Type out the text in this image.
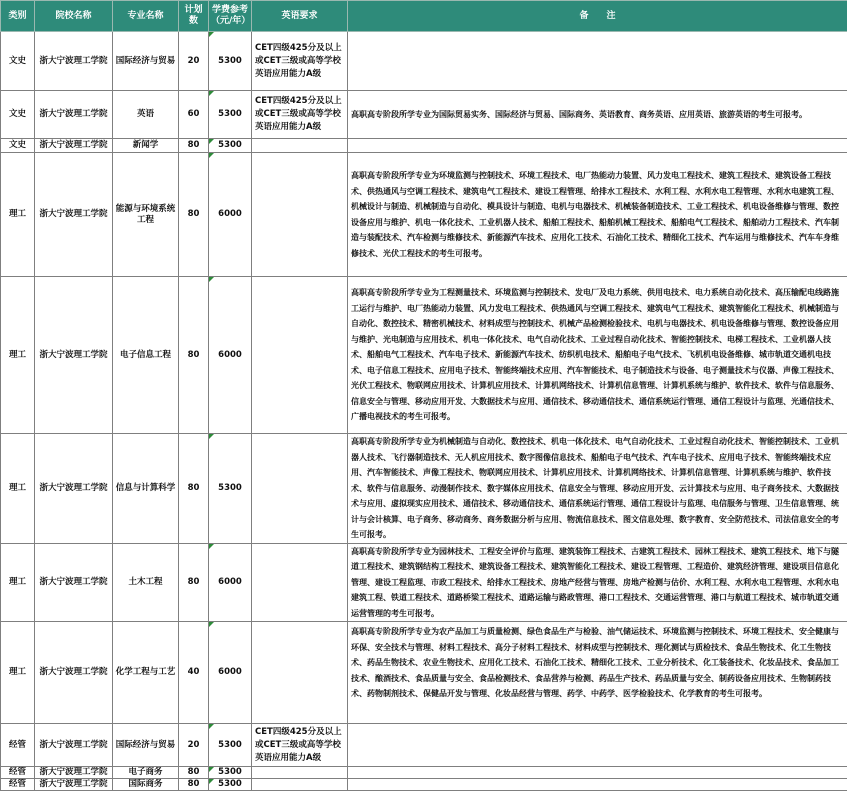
类别	院校名称	专业名称	计划数	学费参考（元/年）	英语要求	备　　注
文史	浙大宁波理工学院	国际经济与贸易	20	5300	CET四级425分及以上或CET三级或高等学校英语应用能力A级	
文史	浙大宁波理工学院	英语	60	5300	CET四级425分及以上或CET三级或高等学校英语应用能力A级	高职高专阶段所学专业为国际贸易实务、国际经济与贸易、国际商务、英语教育、商务英语、应用英语、旅游英语的考生可报考。
文史	浙大宁波理工学院	新闻学	80	5300		
理工	浙大宁波理工学院	能源与环境系统工程	80	6000		高职高专阶段所学专业为环境监测与控制技术、环境工程技术、电厂热能动力装置、风力发电工程技术、建筑工程技术、建筑设备工程技术、供热通风与空调工程技术、建筑电气工程技术、建设工程管理、给排水工程技术、水利工程、水利水电工程管理、水利水电建筑工程、机械设计与制造、机械制造与自动化、模具设计与制造、电机与电器技术、机械装备制造技术、工业工程技术、机电设备维修与管理、数控设备应用与维护、机电一体化技术、工业机器人技术、船舶工程技术、船舶机械工程技术、船舶电气工程技术、船舶动力工程技术、汽车制造与装配技术、汽车检测与维修技术、新能源汽车技术、应用化工技术、石油化工技术、精细化工技术、汽车运用与维修技术、汽车车身维修技术、光伏工程技术的考生可报考。
理工	浙大宁波理工学院	电子信息工程	80	6000		高职高专阶段所学专业为工程测量技术、环境监测与控制技术、发电厂及电力系统、供用电技术、电力系统自动化技术、高压输配电线路施工运行与维护、电厂热能动力装置、风力发电工程技术、供热通风与空调工程技术、建筑电气工程技术、建筑智能化工程技术、机械制造与自动化、数控技术、精密机械技术、材料成型与控制技术、机械产品检测检验技术、电机与电器技术、机电设备维修与管理、数控设备应用与维护、光电制造与应用技术、机电一体化技术、电气自动化技术、工业过程自动化技术、智能控制技术、电梯工程技术、工业机器人技术、船舶电气工程技术、汽车电子技术、新能源汽车技术、纺织机电技术、船舶电子电气技术、飞机机电设备维修、城市轨道交通机电技术、电子信息工程技术、应用电子技术、智能终端技术应用、汽车智能技术、电子制造技术与设备、电子测量技术与仪器、声像工程技术、光伏工程技术、物联网应用技术、计算机应用技术、计算机网络技术、计算机信息管理、计算机系统与维护、软件技术、软件与信息服务、信息安全与管理、移动应用开发、大数据技术与应用、通信技术、移动通信技术、通信系统运行管理、通信工程设计与监理、光通信技术、广播电视技术的考生可报考。
理工	浙大宁波理工学院	信息与计算科学	80	5300		高职高专阶段所学专业为机械制造与自动化、数控技术、机电一体化技术、电气自动化技术、工业过程自动化技术、智能控制技术、工业机器人技术、飞行器制造技术、无人机应用技术、数字图像信息技术、船舶电子电气技术、汽车电子技术、应用电子技术、智能终端技术应用、汽车智能技术、声像工程技术、物联网应用技术、计算机应用技术、计算机网络技术、计算机信息管理、计算机系统与维护、软件技术、软件与信息服务、动漫制作技术、数字媒体应用技术、信息安全与管理、移动应用开发、云计算技术与应用、电子商务技术、大数据技术与应用、虚拟现实应用技术、通信技术、移动通信技术、通信系统运行管理、通信工程设计与监理、电信服务与管理、卫生信息管理、统计与会计核算、电子商务、移动商务、商务数据分析与应用、物流信息技术、图文信息处理、数字教育、安全防范技术、司法信息安全的考生可报考。
理工	浙大宁波理工学院	土木工程	80	6000		高职高专阶段所学专业为园林技术、工程安全评价与监理、建筑装饰工程技术、古建筑工程技术、园林工程技术、建筑工程技术、地下与隧道工程技术、建筑钢结构工程技术、建筑设备工程技术、建筑智能化工程技术、建设工程管理、工程造价、建筑经济管理、建设项目信息化管理、建设工程监理、市政工程技术、给排水工程技术、房地产经营与管理、房地产检测与估价、水利工程、水利水电工程管理、水利水电建筑工程、铁道工程技术、道路桥梁工程技术、道路运输与路政管理、港口工程技术、交通运营管理、港口与航道工程技术、城市轨道交通运营管理的考生可报考。
理工	浙大宁波理工学院	化学工程与工艺	40	6000		高职高专阶段所学专业为农产品加工与质量检测、绿色食品生产与检验、油气储运技术、环境监测与控制技术、环境工程技术、安全健康与环保、安全技术与管理、材料工程技术、高分子材料工程技术、材料成型与控制技术、理化测试与质检技术、食品生物技术、化工生物技术、药品生物技术、农业生物技术、应用化工技术、石油化工技术、精细化工技术、工业分析技术、化工装备技术、化妆品技术、食品加工技术、酿酒技术、食品质量与安全、食品检测技术、食品营养与检测、药品生产技术、药品质量与安全、制药设备应用技术、生物制药技术、药物制剂技术、保健品开发与管理、化妆品经营与管理、药学、中药学、医学检验技术、化学教育的考生可报考。
经管	浙大宁波理工学院	国际经济与贸易	20	5300	CET四级425分及以上或CET三级或高等学校英语应用能力A级	
经管	浙大宁波理工学院	电子商务	80	5300		
经管	浙大宁波理工学院	国际商务	80	5300		
